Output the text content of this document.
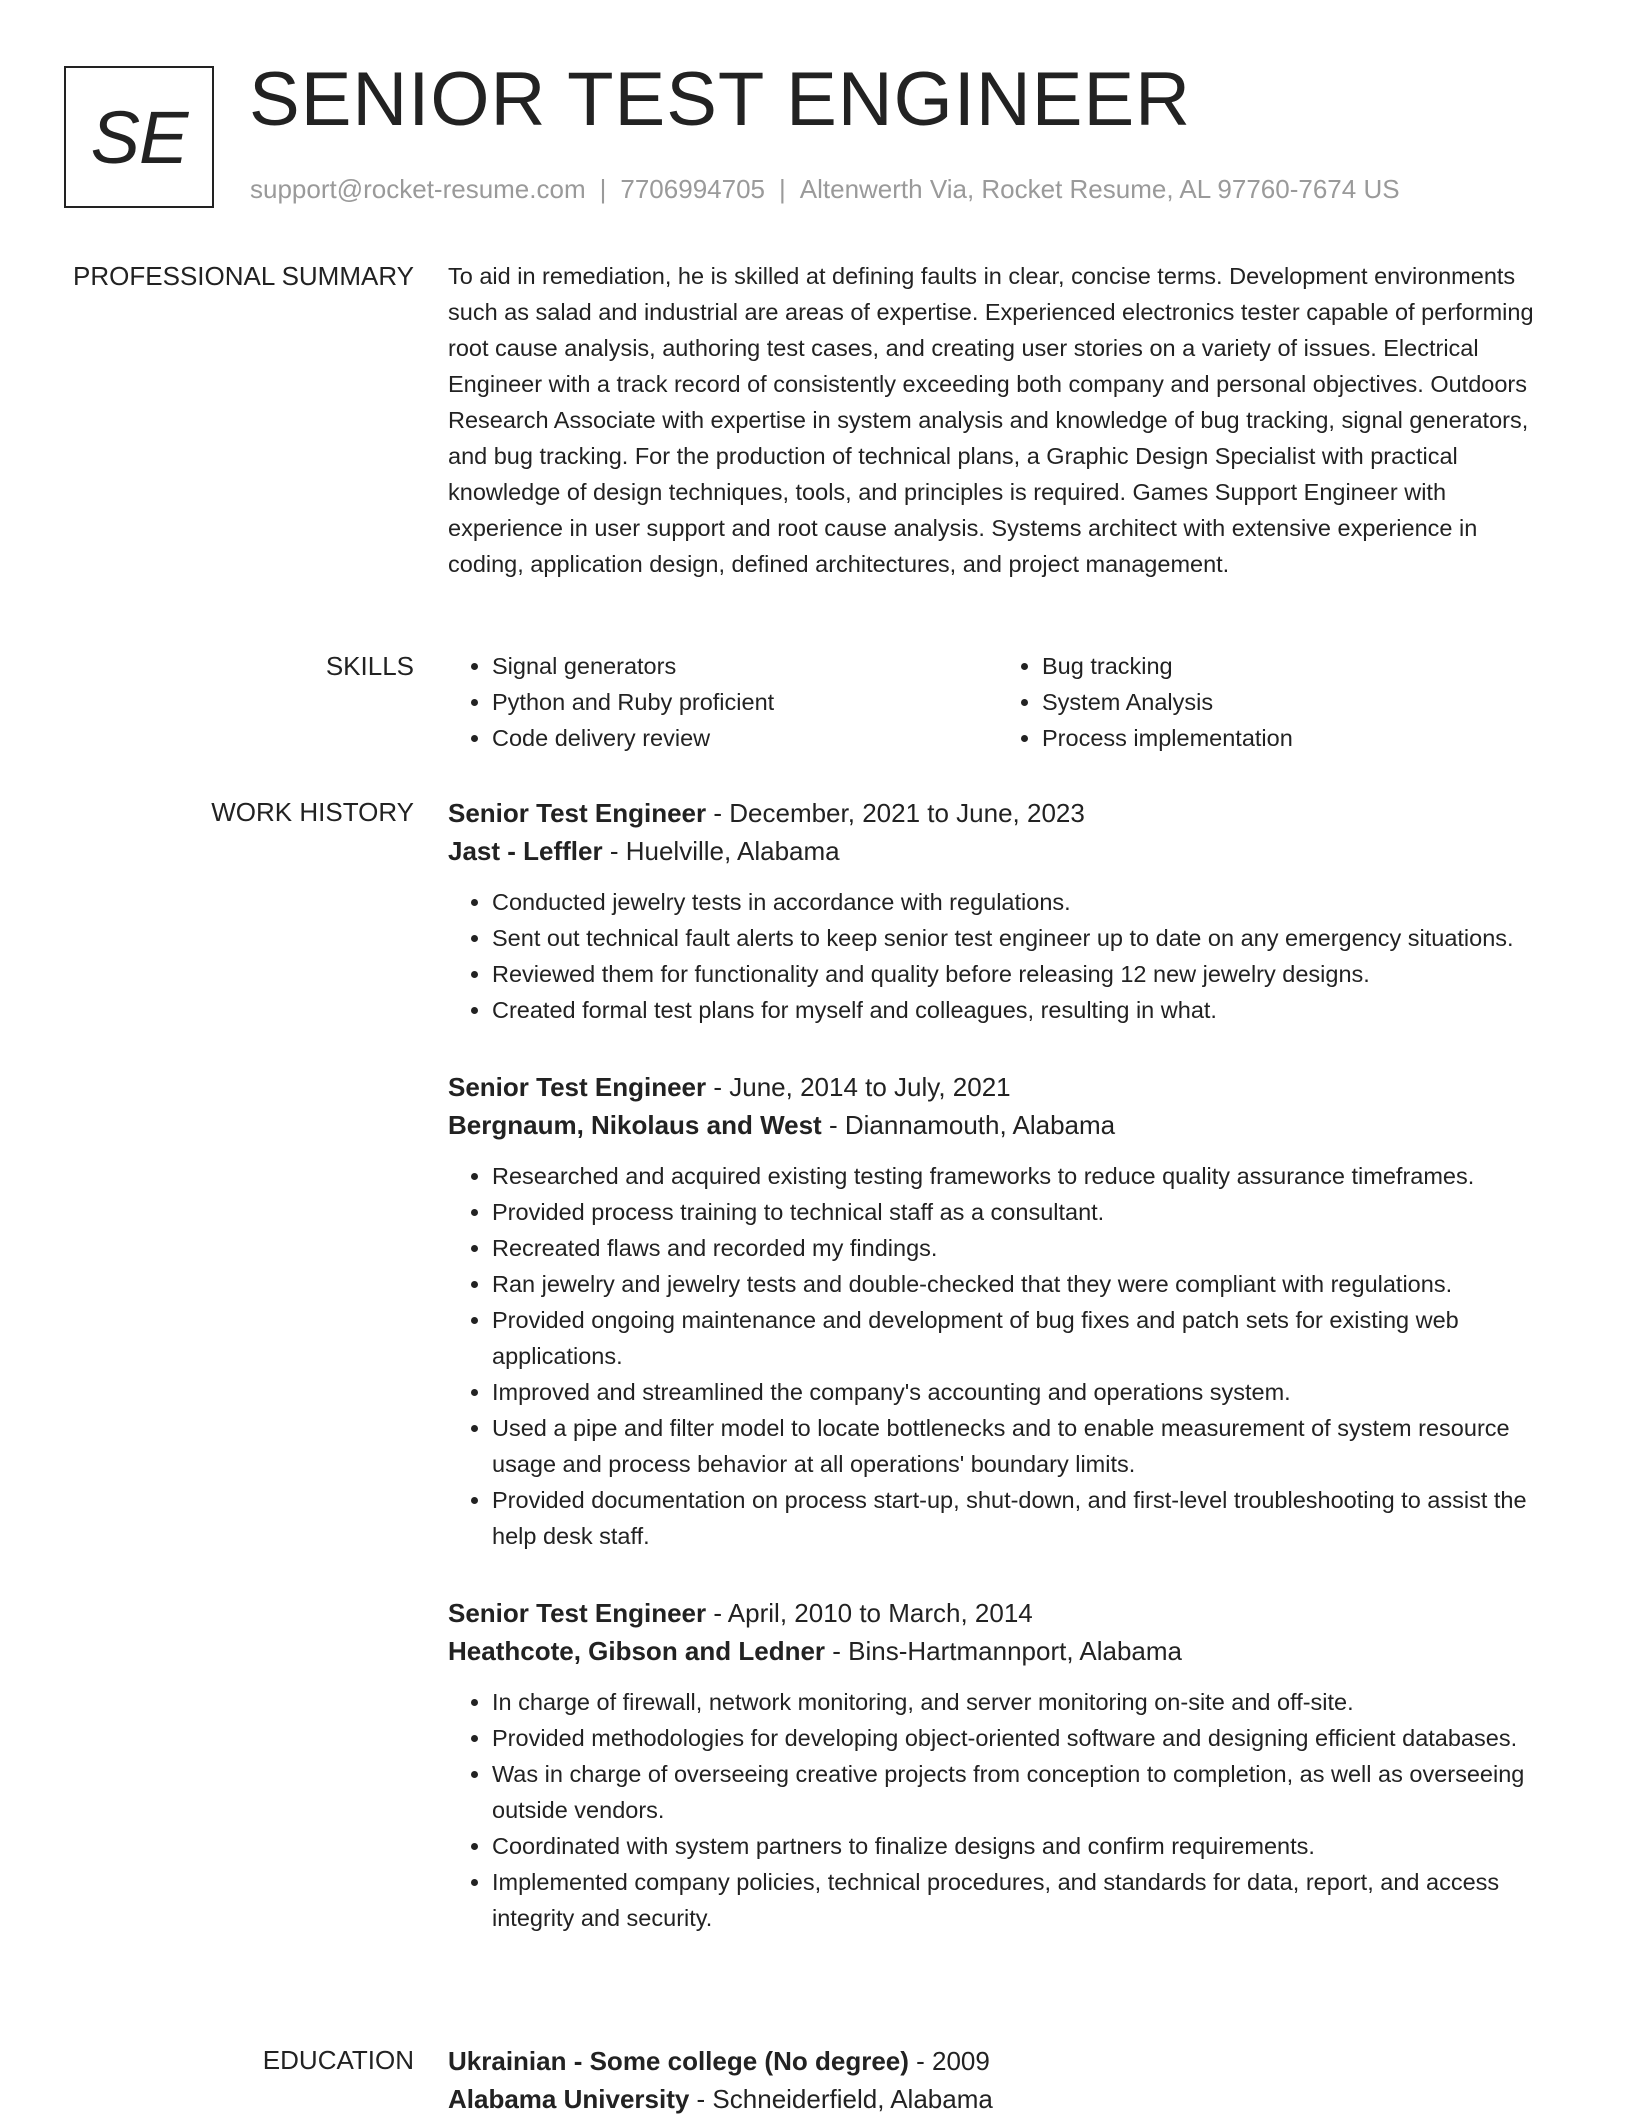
SE SENIOR TEST ENGINEER
support@rocket-resume.com | 7706994705 | Altenwerth Via, Rocket Resume, AL 97760-7674 US
PROFESSIONAL SUMMARY To aid in remediation, he is skilled at defining faults in clear, concise terms. Development environments such as salad and industrial are areas of expertise. Experienced electronics tester capable of performing root cause analysis, authoring test cases, and creating user stories on a variety of issues. Electrical Engineer with a track record of consistently exceeding both company and personal objectives. Outdoors Research Associate with expertise in system analysis and knowledge of bug tracking, signal generators, and bug tracking. For the production of technical plans, a Graphic Design Specialist with practical knowledge of design techniques, tools, and principles is required. Games Support Engineer with experience in user support and root cause analysis. Systems architect with extensive experience in coding, application design, defined architectures, and project management.

SKILLS
•	Signal generators
• Python and Ruby proficient
• Code delivery review
• Bug tracking
• System Analysis
• Process implementation
WORK HISTORY Senior Test Engineer - December, 2021 to June, 2023
Jast - Leffler - Huelville, Alabama
• Conducted jewelry tests in accordance with regulations.
• Sent out technical fault alerts to keep senior test engineer up to date on any emergency situations.
• Reviewed them for functionality and quality before releasing 12 new jewelry designs.
• Created formal test plans for myself and colleagues, resulting in what.
Senior Test Engineer - June, 2014 to July, 2021
Bergnaum, Nikolaus and West - Diannamouth, Alabama
• Researched and acquired existing testing frameworks to reduce quality assurance timeframes.
• Provided process training to technical staff as a consultant.
• Recreated flaws and recorded my findings.
• Ran jewelry and jewelry tests and double-checked that they were compliant with regulations.
• Provided ongoing maintenance and development of bug fixes and patch sets for existing web applications.
• Improved and streamlined the company's accounting and operations system.
• Used a pipe and filter model to locate bottlenecks and to enable measurement of system resource usage and process behavior at all operations' boundary limits.
• Provided documentation on process start-up, shut-down, and first-level troubleshooting to assist the help desk staff.
Senior Test Engineer - April, 2010 to March, 2014
Heathcote, Gibson and Ledner - Bins-Hartmannport, Alabama
• In charge of firewall, network monitoring, and server monitoring on-site and off-site.
• Provided methodologies for developing object-oriented software and designing efficient databases.
• Was in charge of overseeing creative projects from conception to completion, as well as overseeing outside vendors.
• Coordinated with system partners to finalize designs and confirm requirements.
• Implemented company policies, technical procedures, and standards for data, report, and access integrity and security.
EDUCATION Ukrainian - Some college (No degree) - 2009
Alabama University - Schneiderfield, Alabama
